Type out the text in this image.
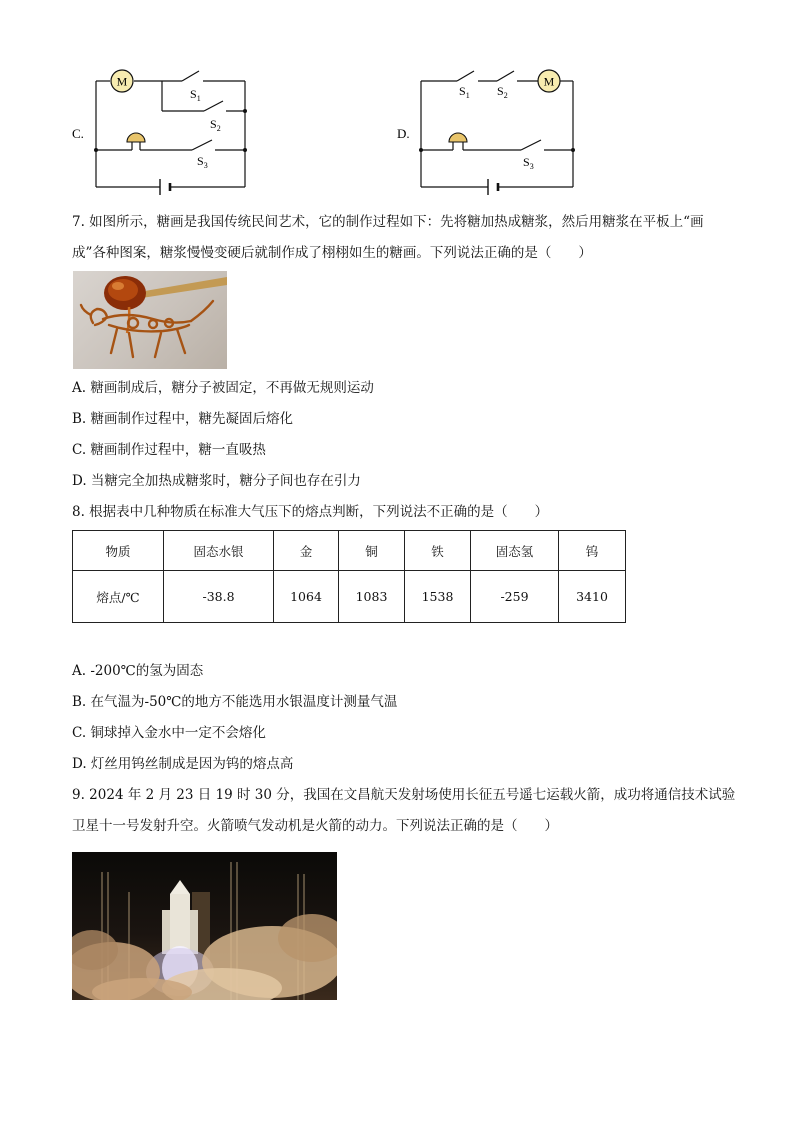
C.
M
$S_1$
$S_2$
$S_3$
D.
M
$S_1$ $S_2$
$S_3$
7. 如图所示，糖画是我国传统民间艺术，它的制作过程如下：先将糖加热成糖浆，然后用糖浆在平板上“画
成”各种图案，糖浆慢慢变硬后就制作成了栩栩如生的糖画。下列说法正确的是（　　）
A. 糖画制成后，糖分子被固定，不再做无规则运动
B. 糖画制作过程中，糖先凝固后熔化
C. 糖画制作过程中，糖一直吸热
D. 当糖完全加热成糖浆时，糖分子间也存在引力
8. 根据表中几种物质在标准大气压下的熔点判断，下列说法不正确的是（　　）
物质	固态水银	金	铜	铁	固态氢	钨
熔点/℃	-38.8	1064	1083	1538	-259	3410
A. -200℃的氢为固态
B. 在气温为-50℃的地方不能选用水银温度计测量气温
C. 铜球掉入金水中一定不会熔化
D. 灯丝用钨丝制成是因为钨的熔点高
9. 2024 年 2 月 23 日 19 时 30 分，我国在文昌航天发射场使用长征五号遥七运载火箭，成功将通信技术试验
卫星十一号发射升空。火箭喷气发动机是火箭的动力。下列说法正确的是（　　）
